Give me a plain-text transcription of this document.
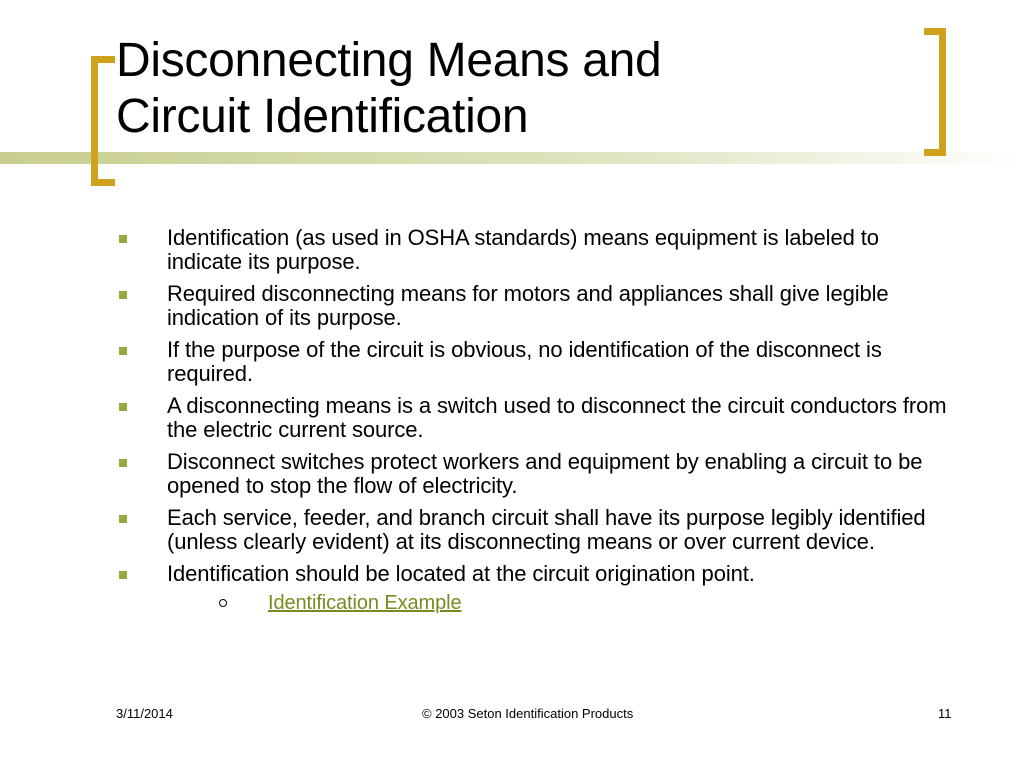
Disconnecting Means and
Circuit Identification
Identification (as used in OSHA standards) means equipment is labeled to indicate its purpose.
Required disconnecting means for motors and appliances shall give legible indication of its purpose.
If the purpose of the circuit is obvious, no identification of the disconnect is required.
A disconnecting means is a switch used to disconnect the circuit conductors from the electric current source.
Disconnect switches protect workers and equipment by enabling a circuit to be opened to stop the flow of electricity.
Each service, feeder, and branch circuit shall have its purpose legibly identified (unless clearly evident) at its disconnecting means or over current device.
Identification should be located at the circuit origination point.
Identification Example
3/11/2014	© 2003 Seton Identification Products	11
